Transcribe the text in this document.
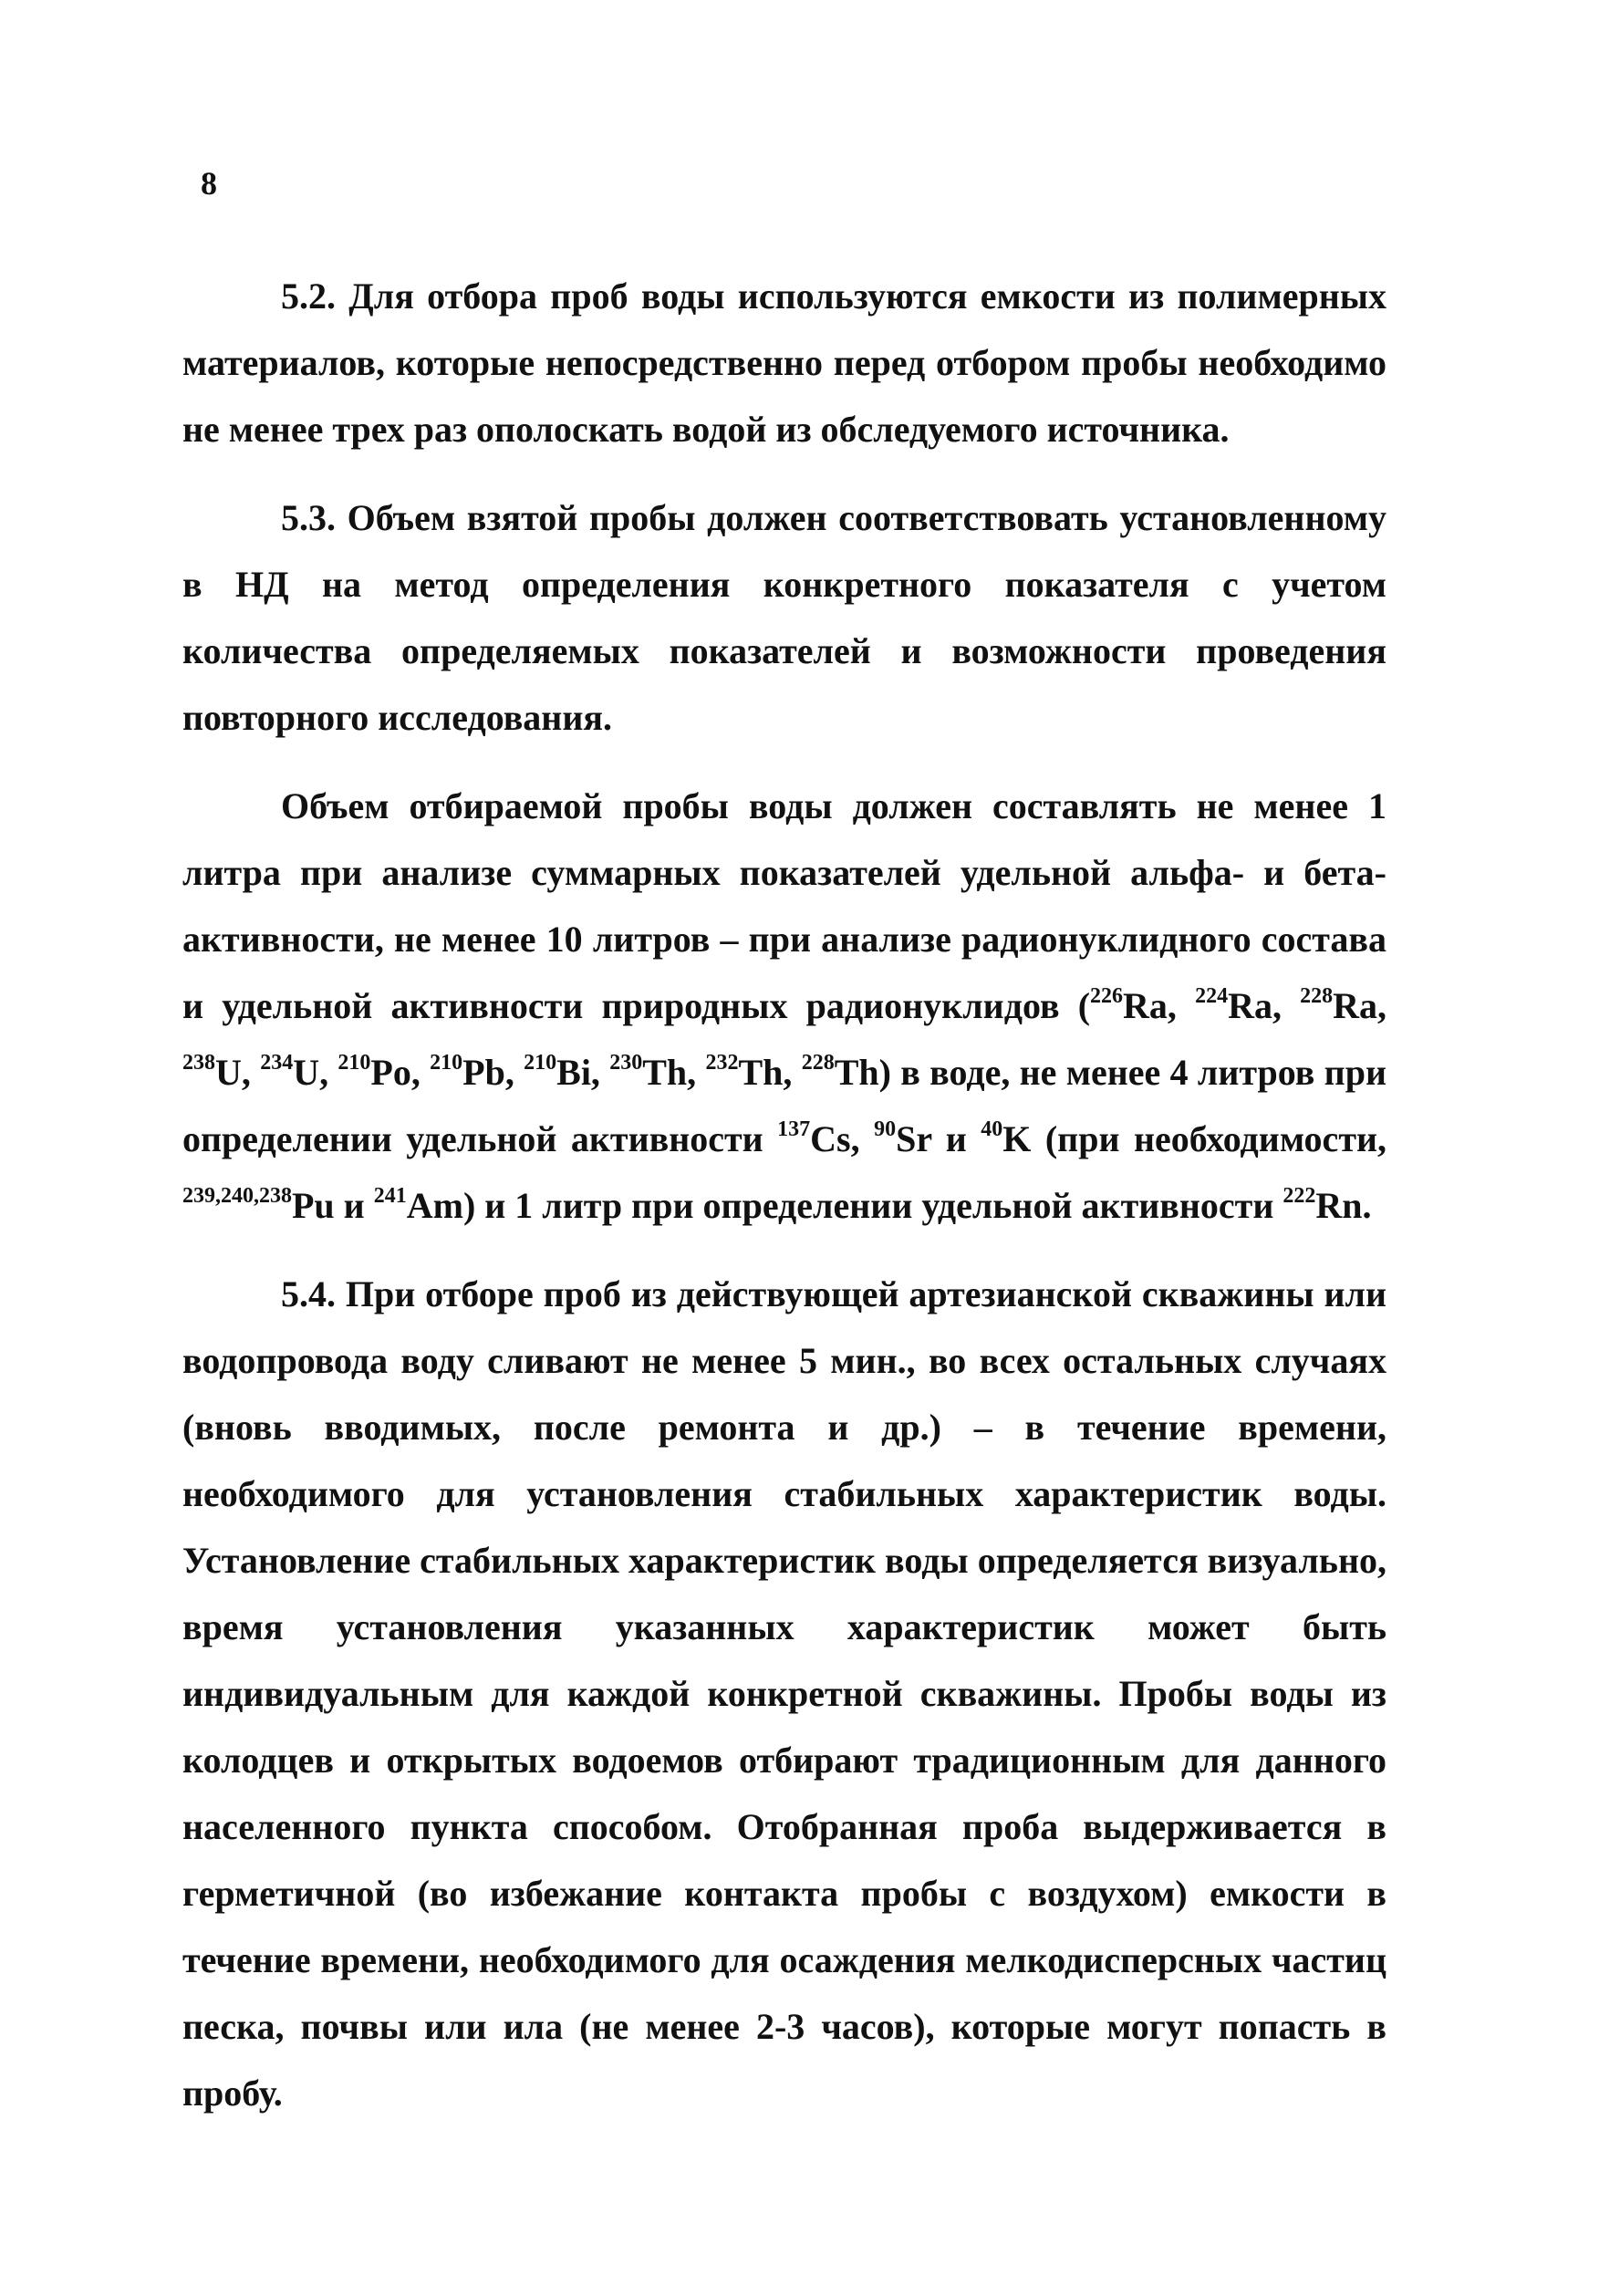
8

5.2. Для отбора проб воды используются емкости из полимерных материалов, которые непосредственно перед отбором пробы необходимо не менее трех раз ополоскать водой из обследуемого источника.

5.3. Объем взятой пробы должен соответствовать установленному в НД на метод определения конкретного показателя с учетом количества определяемых показателей и возможности проведения повторного исследования.

Объем отбираемой пробы воды должен составлять не менее 1 литра при анализе суммарных показателей удельной альфа- и бета-активности, не менее 10 литров – при анализе радионуклидного состава и удельной активности природных радионуклидов ($^{226}$Ra, $^{224}$Ra, $^{228}$Ra, $^{238}$U, $^{234}$U, $^{210}$Po, $^{210}$Pb, $^{210}$Bi, $^{230}$Th, $^{232}$Th, $^{228}$Th) в воде, не менее 4 литров при определении удельной активности $^{137}$Cs, $^{90}$Sr и $^{40}$K (при необходимости, $^{239,240,238}$Pu и $^{241}$Am) и 1 литр при определении удельной активности $^{222}$Rn.

5.4. При отборе проб из действующей артезианской скважины или водопровода воду сливают не менее 5 мин., во всех остальных случаях (вновь вводимых, после ремонта и др.) – в течение времени, необходимого для установления стабильных характеристик воды. Установление стабильных характеристик воды определяется визуально, время установления указанных характеристик может быть индивидуальным для каждой конкретной скважины. Пробы воды из колодцев и открытых водоемов отбирают традиционным для данного населенного пункта способом. Отобранная проба выдерживается в герметичной (во избежание контакта пробы с воздухом) емкости в течение времени, необходимого для осаждения мелкодисперсных частиц песка, почвы или ила (не менее 2-3 часов), которые могут попасть в пробу.
